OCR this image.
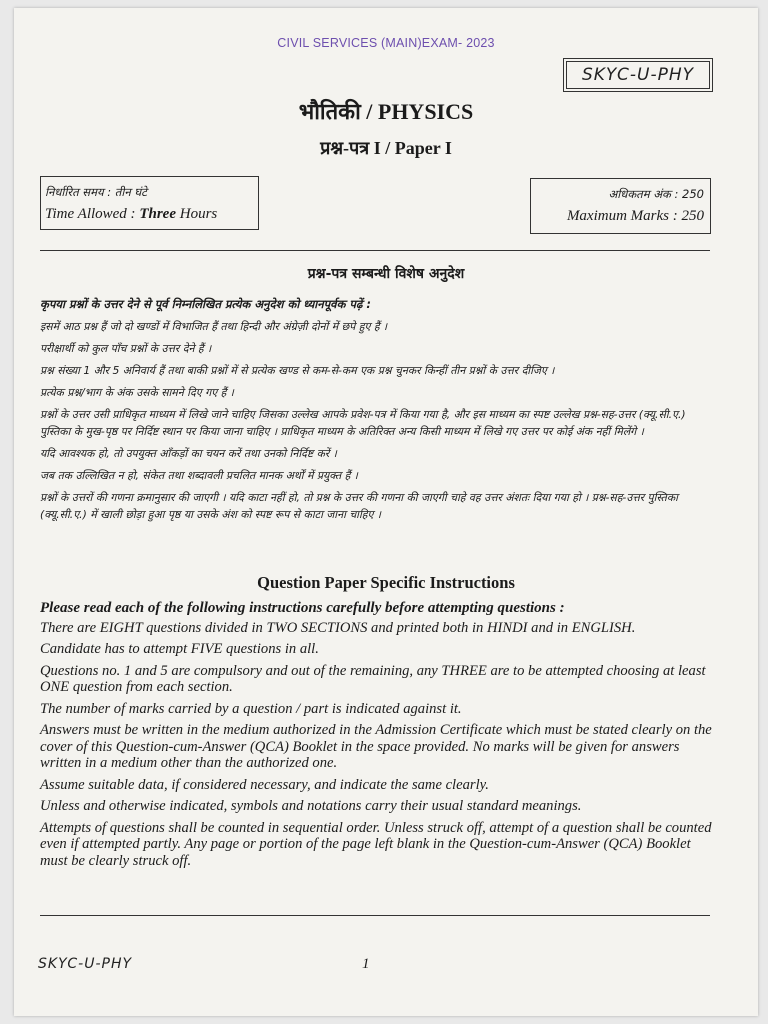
CIVIL SERVICES (MAIN)EXAM- 2023
SKYC-U-PHY
भौतिकी / PHYSICS
प्रश्न-पत्र I / Paper I
निर्धारित समय : तीन घंटे
Time Allowed : Three Hours
अधिकतम अंक : 250
Maximum Marks : 250
प्रश्न-पत्र सम्बन्धी विशेष अनुदेश
कृपया प्रश्नों के उत्तर देने से पूर्व निम्नलिखित प्रत्येक अनुदेश को ध्यानपूर्वक पढ़ें :
इसमें आठ प्रश्न हैं जो दो खण्डों में विभाजित हैं तथा हिन्दी और अंग्रेज़ी दोनों में छपे हुए हैं ।
परीक्षार्थी को कुल पाँच प्रश्नों के उत्तर देने हैं ।
प्रश्न संख्या 1 और 5 अनिवार्य हैं तथा बाकी प्रश्नों में से प्रत्येक खण्ड से कम-से-कम एक प्रश्न चुनकर किन्हीं तीन प्रश्नों के उत्तर दीजिए ।
प्रत्येक प्रश्न/भाग के अंक उसके सामने दिए गए हैं ।
प्रश्नों के उत्तर उसी प्राधिकृत माध्यम में लिखे जाने चाहिए जिसका उल्लेख आपके प्रवेश-पत्र में किया गया है, और इस माध्यम का स्पष्ट उल्लेख प्रश्न-सह-उत्तर (क्यू.सी.ए.) पुस्तिका के मुख-पृष्ठ पर निर्दिष्ट स्थान पर किया जाना चाहिए । प्राधिकृत माध्यम के अतिरिक्त अन्य किसी माध्यम में लिखे गए उत्तर पर कोई अंक नहीं मिलेंगे ।
यदि आवश्यक हो, तो उपयुक्त आँकड़ों का चयन करें तथा उनको निर्दिष्ट करें ।
जब तक उल्लिखित न हो, संकेत तथा शब्दावली प्रचलित मानक अर्थों में प्रयुक्त हैं ।
प्रश्नों के उत्तरों की गणना क्रमानुसार की जाएगी । यदि काटा नहीं हो, तो प्रश्न के उत्तर की गणना की जाएगी चाहे वह उत्तर अंशतः दिया गया हो । प्रश्न-सह-उत्तर पुस्तिका (क्यू.सी.ए.) में खाली छोड़ा हुआ पृष्ठ या उसके अंश को स्पष्ट रूप से काटा जाना चाहिए ।
Question Paper Specific Instructions
Please read each of the following instructions carefully before attempting questions :
There are EIGHT questions divided in TWO SECTIONS and printed both in HINDI and in ENGLISH.
Candidate has to attempt FIVE questions in all.
Questions no. 1 and 5 are compulsory and out of the remaining, any THREE are to be attempted choosing at least ONE question from each section.
The number of marks carried by a question / part is indicated against it.
Answers must be written in the medium authorized in the Admission Certificate which must be stated clearly on the cover of this Question-cum-Answer (QCA) Booklet in the space provided. No marks will be given for answers written in a medium other than the authorized one.
Assume suitable data, if considered necessary, and indicate the same clearly.
Unless and otherwise indicated, symbols and notations carry their usual standard meanings.
Attempts of questions shall be counted in sequential order. Unless struck off, attempt of a question shall be counted even if attempted partly. Any page or portion of the page left blank in the Question-cum-Answer (QCA) Booklet must be clearly struck off.
SKYC-U-PHY	1
